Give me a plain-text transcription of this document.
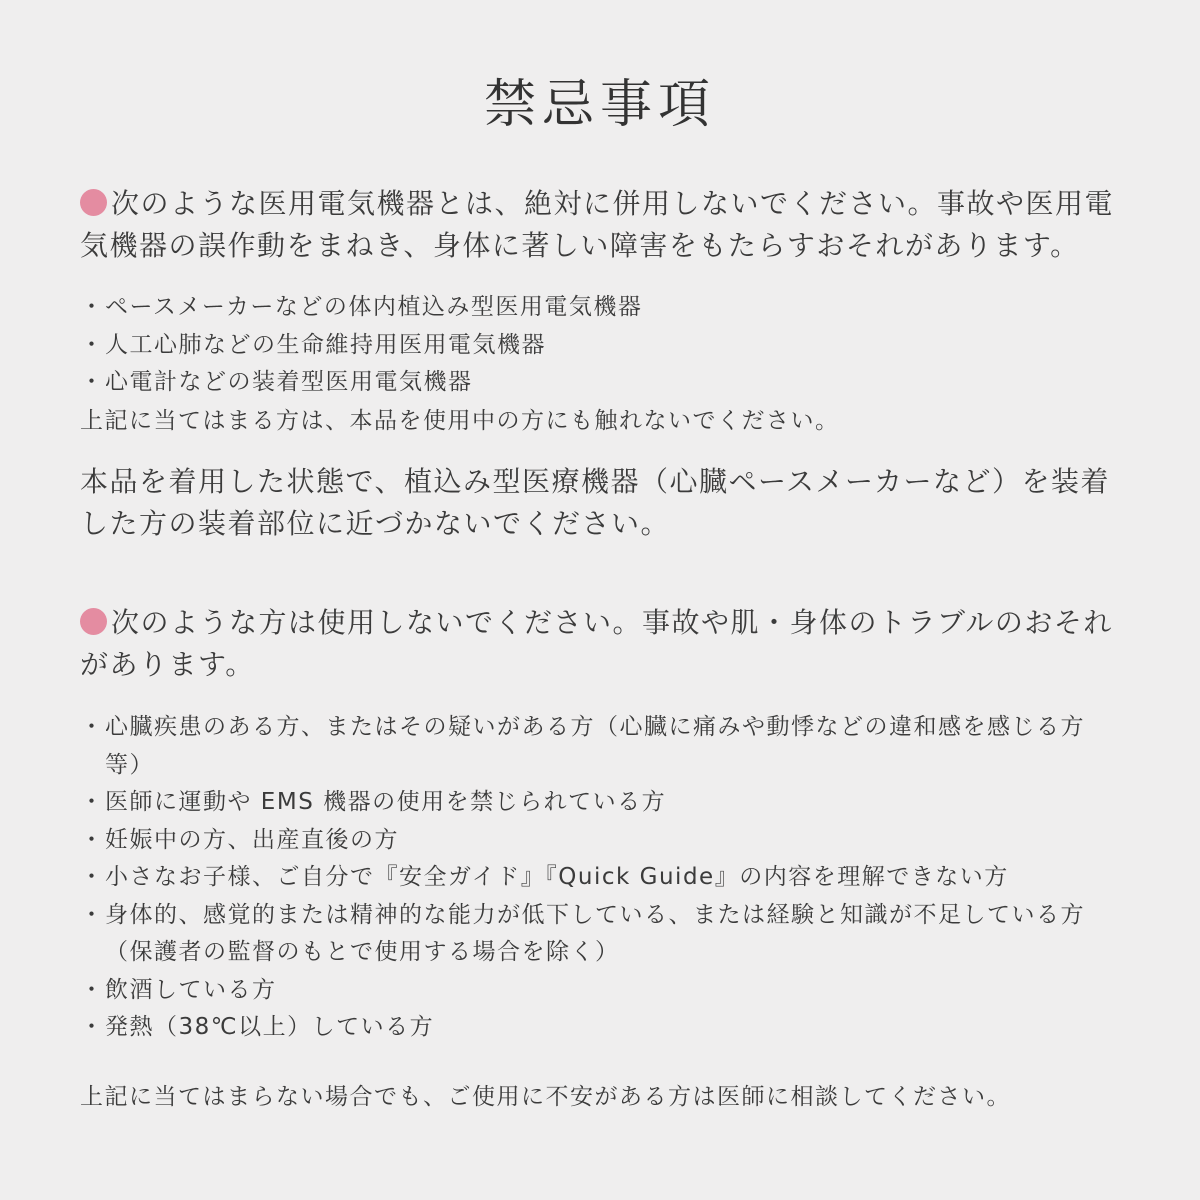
禁忌事項
次のような医用電気機器とは、絶対に併用しないでください。事故や医用電気機器の誤作動をまねき、身体に著しい障害をもたらすおそれがあります。
・ ペースメーカーなどの体内植込み型医用電気機器
・ 人工心肺などの生命維持用医用電気機器
・ 心電計などの装着型医用電気機器
上記に当てはまる方は、本品を使用中の方にも触れないでください。
本品を着用した状態で、植込み型医療機器（心臓ペースメーカーなど）を装着した方の装着部位に近づかないでください。
次のような方は使用しないでください。事故や肌・身体のトラブルのおそれがあります。
・ 心臓疾患のある方、またはその疑いがある方（心臓に痛みや動悸などの違和感を感じる方等）
・ 医師に運動や EMS 機器の使用を禁じられている方
・ 妊娠中の方、出産直後の方
・ 小さなお子様、ご自分で『安全ガイド』『Quick Guide』の内容を理解できない方
・ 身体的、感覚的または精神的な能力が低下している、または経験と知識が不足している方（保護者の監督のもとで使用する場合を除く）
・ 飲酒している方
・ 発熱（38℃以上）している方
上記に当てはまらない場合でも、ご使用に不安がある方は医師に相談してください。
